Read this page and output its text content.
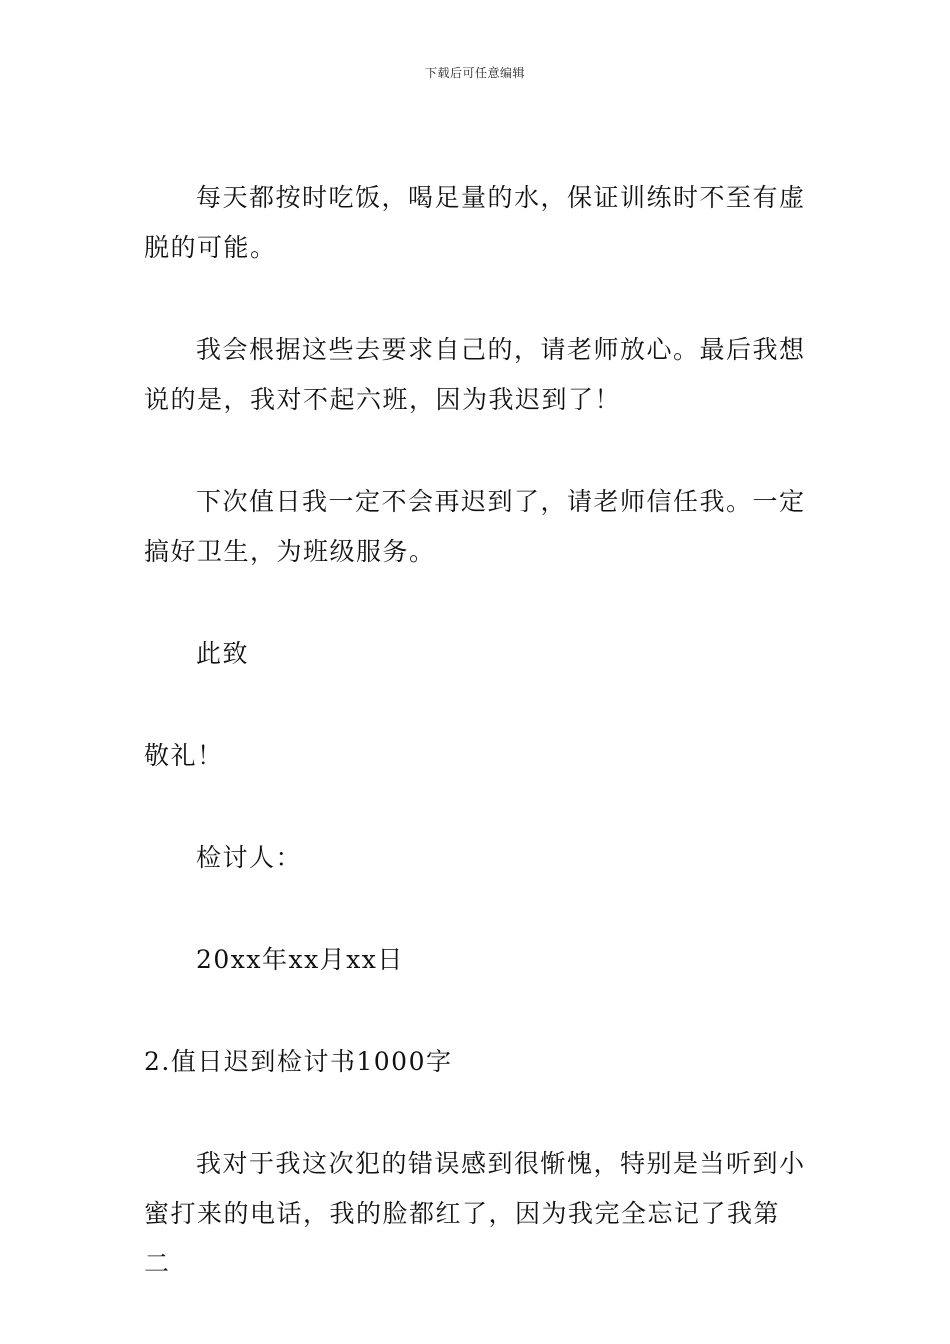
下载后可任意编辑

每天都按时吃饭，喝足量的水，保证训练时不至有虚脱的可能。

我会根据这些去要求自己的，请老师放心。最后我想说的是，我对不起六班，因为我迟到了！

下次值日我一定不会再迟到了，请老师信任我。一定搞好卫生，为班级服务。

此致

敬礼！

检讨人：

20xx年xx月xx日

2.值日迟到检讨书1000字

我对于我这次犯的错误感到很惭愧，特别是当听到小蜜打来的电话，我的脸都红了，因为我完全忘记了我第二
